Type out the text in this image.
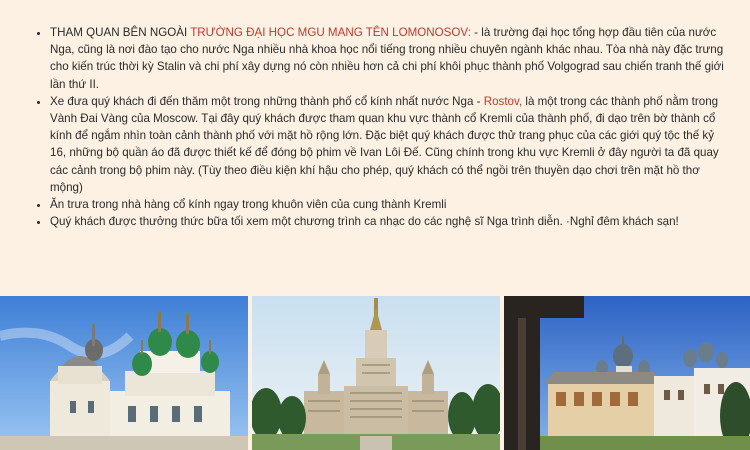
• THAM QUAN BÊN NGOÀI TRƯỜNG ĐẠI HỌC MGU MANG TÊN LOMONOSOV: - là trường đại học tổng hợp đầu tiên của nước Nga, cũng là nơi đào tạo cho nước Nga nhiều nhà khoa học nổi tiếng trong nhiều chuyên ngành khác nhau. Tòa nhà này đặc trưng cho kiến trúc thời kỳ Stalin và chi phí xây dựng nó còn nhiều hơn cả chi phí khôi phục thành phố Volgograd sau chiến tranh thế giới lần thứ II.
• Xe đưa quý khách đi đến thăm một trong những thành phố cổ kính nhất nước Nga - Rostov, là một trong các thành phố nằm trong Vành Đai Vàng của Moscow. Tại đây quý khách được tham quan khu vực thành cổ Kremli của thành phố, đi dạo trên bờ thành cổ kính để ngắm nhìn toàn cảnh thành phố với mặt hồ rộng lớn. Đặc biệt quý khách được thử trang phục của các giới quý tộc thế kỷ 16, những bộ quần áo đã được thiết kế để đóng bộ phim về Ivan Lôi Đế. Cũng chính trong khu vực Kremli ở đây người ta đã quay các cảnh trong bộ phim này. (Tùy theo điều kiện khí hậu cho phép, quý khách có thể ngồi trên thuyền dạo chơi trên mặt hồ thơ mộng)
• Ăn trưa trong nhà hàng cổ kính ngay trong khuôn viên của cung thành Kremli
• Quý khách được thưởng thức bữa tối xem một chương trình ca nhạc do các nghệ sĩ Nga trình diễn. ·Nghỉ đêm khách sạn!
